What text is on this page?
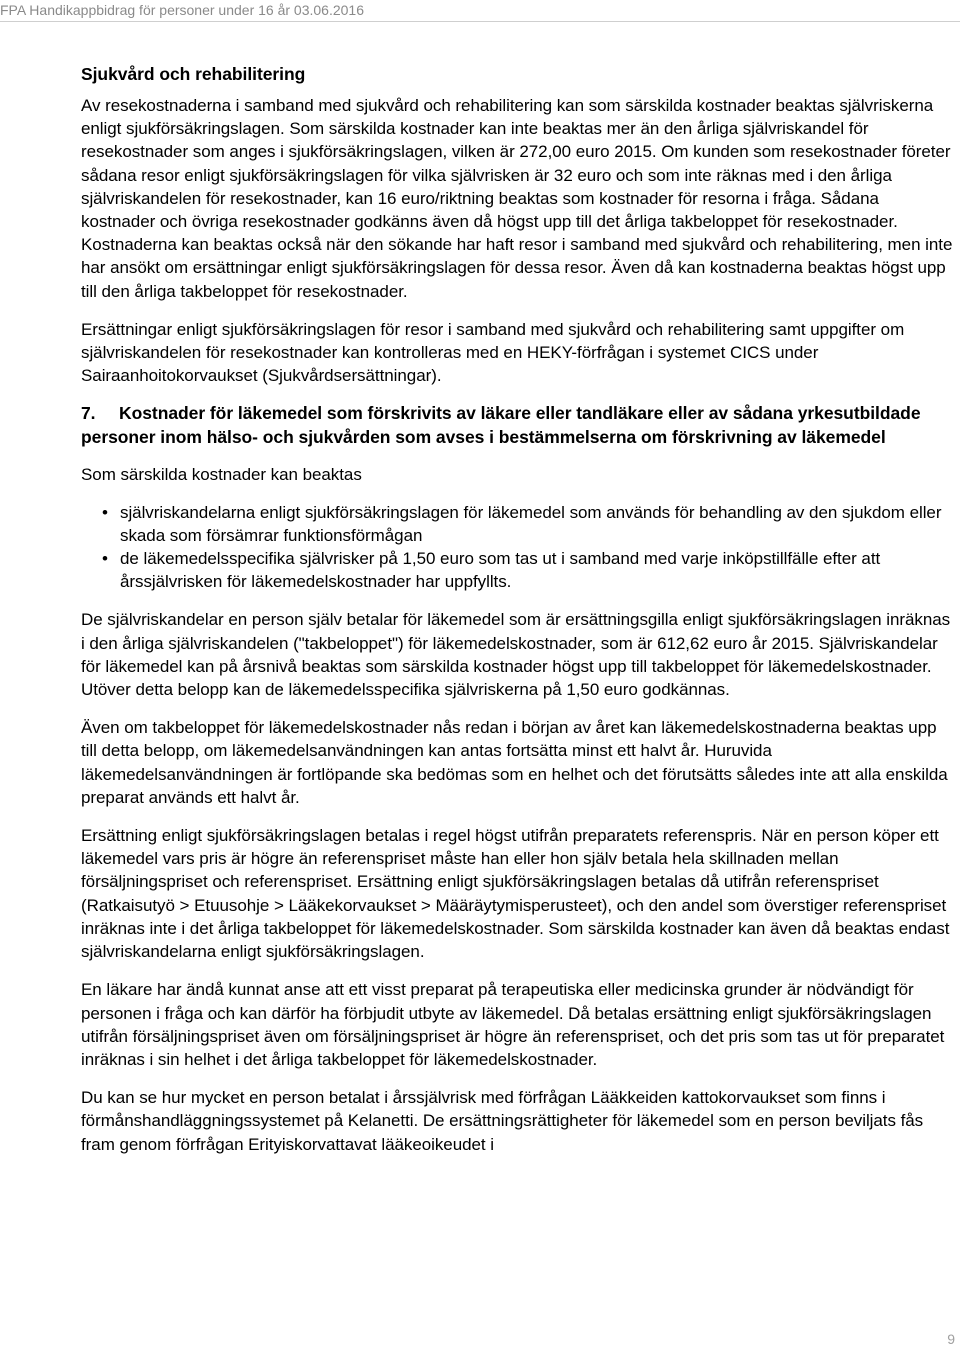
FPA Handikappbidrag för personer under 16 år 03.06.2016
Sjukvård och rehabilitering

Av resekostnaderna i samband med sjukvård och rehabilitering kan som särskilda kostnader beaktas självriskerna enligt sjukförsäkringslagen. Som särskilda kostnader kan inte beaktas mer än den årliga självriskandel för resekostnader som anges i sjukförsäkringslagen, vilken är 272,00 euro 2015. Om kunden som resekostnader företer sådana resor enligt sjukförsäkringslagen för vilka självrisken är 32 euro och som inte räknas med i den årliga självriskandelen för resekostnader, kan 16 euro/riktning beaktas som kostnader för resorna i fråga. Sådana kostnader och övriga resekostnader godkänns även då högst upp till det årliga takbeloppet för resekostnader. Kostnaderna kan beaktas också när den sökande har haft resor i samband med sjukvård och rehabilitering, men inte har ansökt om ersättningar enligt sjukförsäkringslagen för dessa resor. Även då kan kostnaderna beaktas högst upp till den årliga takbeloppet för resekostnader.

Ersättningar enligt sjukförsäkringslagen för resor i samband med sjukvård och rehabilitering samt uppgifter om självriskandelen för resekostnader kan kontrolleras med en HEKY-förfrågan i systemet CICS under Sairaanhoitokorvaukset (Sjukvårdsersättningar).

7. Kostnader för läkemedel som förskrivits av läkare eller tandläkare eller av sådana yrkesutbildade personer inom hälso- och sjukvården som avses i bestämmelserna om förskrivning av läkemedel

Som särskilda kostnader kan beaktas

• självriskandelarna enligt sjukförsäkringslagen för läkemedel som används för behandling av den sjukdom eller skada som försämrar funktionsförmågan
• de läkemedelsspecifika självrisker på 1,50 euro som tas ut i samband med varje inköpstillfälle efter att årssjälvrisken för läkemedelskostnader har uppfyllts.

De självriskandelar en person själv betalar för läkemedel som är ersättningsgilla enligt sjukförsäkringslagen inräknas i den årliga självriskandelen ("takbeloppet") för läkemedelskostnader, som är 612,62 euro år 2015. Självriskandelar för läkemedel kan på årsnivå beaktas som särskilda kostnader högst upp till takbeloppet för läkemedelskostnader. Utöver detta belopp kan de läkemedelsspecifika självriskerna på 1,50 euro godkännas.

Även om takbeloppet för läkemedelskostnader nås redan i början av året kan läkemedelskostnaderna beaktas upp till detta belopp, om läkemedelsanvändningen kan antas fortsätta minst ett halvt år. Huruvida läkemedelsanvändningen är fortlöpande ska bedömas som en helhet och det förutsätts således inte att alla enskilda preparat används ett halvt år.

Ersättning enligt sjukförsäkringslagen betalas i regel högst utifrån preparatets referenspris. När en person köper ett läkemedel vars pris är högre än referenspriset måste han eller hon själv betala hela skillnaden mellan försäljningspriset och referenspriset. Ersättning enligt sjukförsäkringslagen betalas då utifrån referenspriset (Ratkaisutyö > Etuusohje > Lääkekorvaukset > Määräytymisperusteet), och den andel som överstiger referenspriset inräknas inte i det årliga takbeloppet för läkemedelskostnader. Som särskilda kostnader kan även då beaktas endast självriskandelarna enligt sjukförsäkringslagen.

En läkare har ändå kunnat anse att ett visst preparat på terapeutiska eller medicinska grunder är nödvändigt för personen i fråga och kan därför ha förbjudit utbyte av läkemedel. Då betalas ersättning enligt sjukförsäkringslagen utifrån försäljningspriset även om försäljningspriset är högre än referenspriset, och det pris som tas ut för preparatet inräknas i sin helhet i det årliga takbeloppet för läkemedelskostnader.

Du kan se hur mycket en person betalat i årssjälvrisk med förfrågan Lääkkeiden kattokorvaukset som finns i förmånshandläggningssystemet på Kelanetti. De ersättningsrättigheter för läkemedel som en person beviljats fås fram genom förfrågan Erityiskorvattavat lääkeoikeudet i

9
